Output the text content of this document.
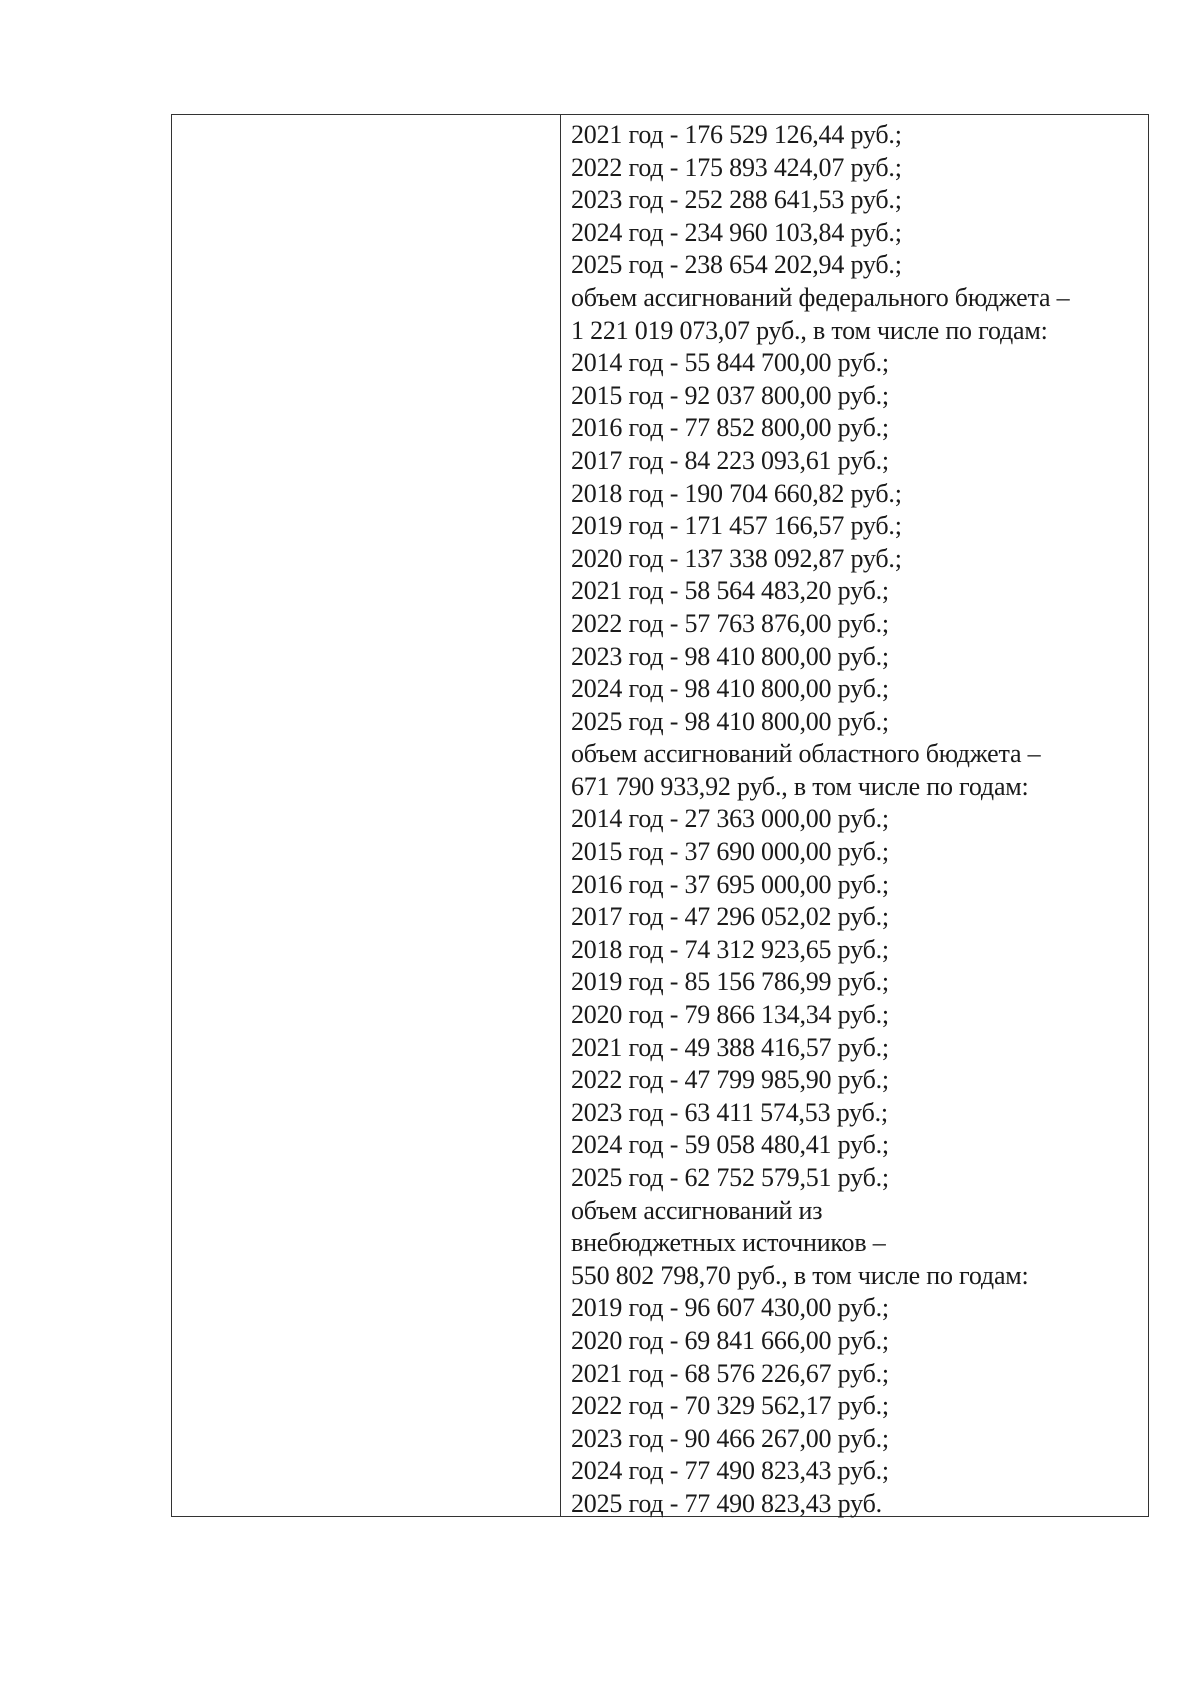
2021 год - 176 529 126,44 руб.;
2022 год - 175 893 424,07 руб.;
2023 год - 252 288 641,53 руб.;
2024 год - 234 960 103,84 руб.;
2025 год - 238 654 202,94 руб.;
объем ассигнований федерального бюджета –
1 221 019 073,07 руб., в том числе по годам:
2014 год - 55 844 700,00 руб.;
2015 год - 92 037 800,00 руб.;
2016 год - 77 852 800,00 руб.;
2017 год - 84 223 093,61 руб.;
2018 год - 190 704 660,82 руб.;
2019 год - 171 457 166,57 руб.;
2020 год - 137 338 092,87 руб.;
2021 год - 58 564 483,20 руб.;
2022 год - 57 763 876,00 руб.;
2023 год - 98 410 800,00 руб.;
2024 год - 98 410 800,00 руб.;
2025 год - 98 410 800,00 руб.;
объем ассигнований областного бюджета –
671 790 933,92 руб., в том числе по годам:
2014 год - 27 363 000,00 руб.;
2015 год - 37 690 000,00 руб.;
2016 год - 37 695 000,00 руб.;
2017 год - 47 296 052,02 руб.;
2018 год - 74 312 923,65 руб.;
2019 год - 85 156 786,99 руб.;
2020 год - 79 866 134,34 руб.;
2021 год - 49 388 416,57 руб.;
2022 год - 47 799 985,90 руб.;
2023 год - 63 411 574,53 руб.;
2024 год - 59 058 480,41 руб.;
2025 год - 62 752 579,51 руб.;
объем ассигнований из
внебюджетных источников –
550 802 798,70 руб., в том числе по годам:
2019 год - 96 607 430,00 руб.;
2020 год - 69 841 666,00 руб.;
2021 год - 68 576 226,67 руб.;
2022 год - 70 329 562,17 руб.;
2023 год - 90 466 267,00 руб.;
2024 год - 77 490 823,43 руб.;
2025 год - 77 490 823,43 руб.
